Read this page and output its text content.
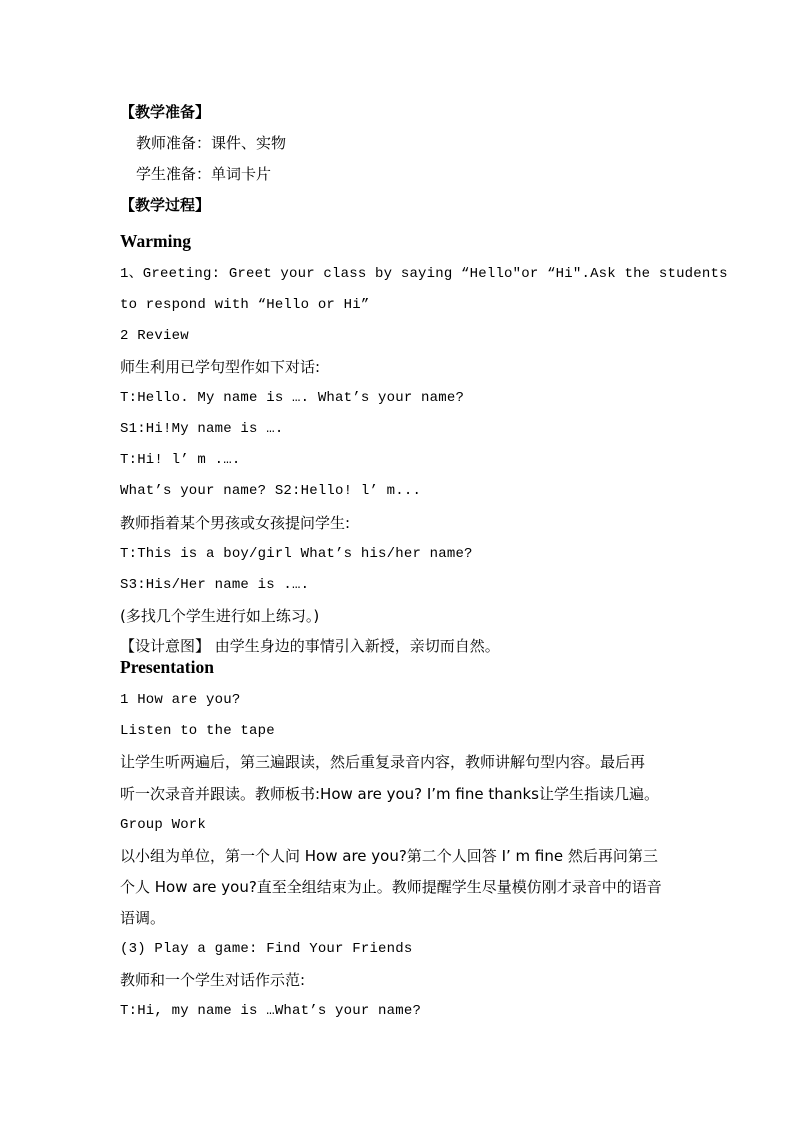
【教学准备】
教师准备：课件、实物
学生准备：单词卡片
【教学过程】
Warming
1、Greeting: Greet your class by saying “Hello"or “Hi".Ask the students
to respond with “Hello or Hi”
2 Review
师生利用已学句型作如下对话:
T:Hello. My name is …. What’s your name?
S1:Hi!My name is ….
T:Hi! l’ m .….
What’s your name? S2:Hello! l’ m...
教师指着某个男孩或女孩提问学生:
T:This is a boy/girl What’s his/her name?
S3:His/Her name is .….
(多找几个学生进行如上练习。)
【设计意图】 由学生身边的事情引入新授，亲切而自然。
Presentation
1 How are you?
Listen to the tape
让学生听两遍后，第三遍跟读，然后重复录音内容，教师讲解句型内容。最后再
听一次录音并跟读。教师板书:How are you? I’m fine thanks让学生指读几遍。
Group Work
以小组为单位，第一个人问 How are you?第二个人回答 I’ m fine 然后再问第三
个人 How are you?直至全组结束为止。教师提醒学生尽量模仿刚才录音中的语音
语调。
(3) Play a game: Find Your Friends
教师和一个学生对话作示范:
T:Hi, my name is …What’s your name?
